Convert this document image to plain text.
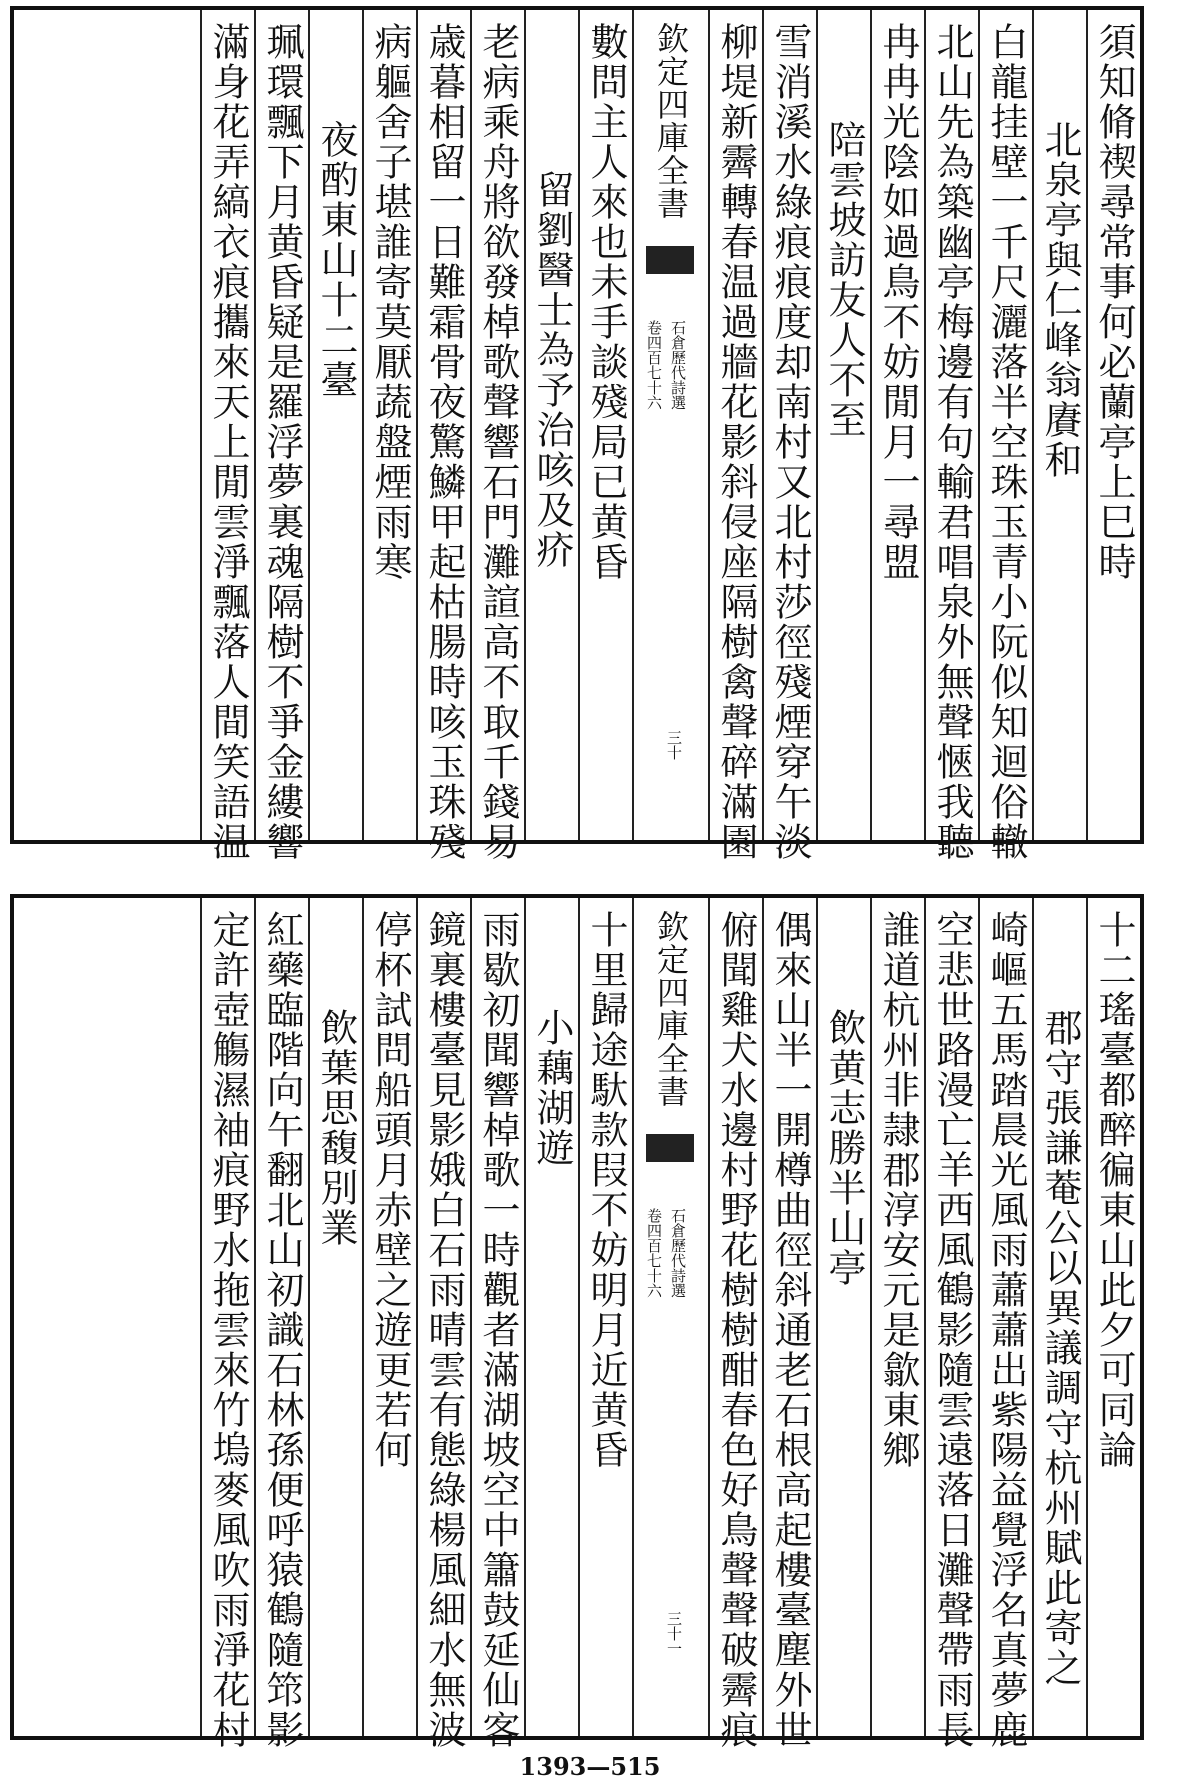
須知脩禊尋常事何必蘭亭上巳時
北泉亭與仁峰翁賡和
白龍挂壁一千尺灑落半空珠玉青小阮似知迴俗轍
北山先為築幽亭梅邊有句輸君唱泉外無聲愜我聽
冉冉光陰如過鳥不妨閒月一尋盟
陪雲坡訪友人不至
雪消溪水綠痕痕度却南村又北村莎徑殘煙穿午淡
柳堤新霽轉春温過牆花影斜侵座隔樹禽聲碎滿園
欽定四庫全書
石倉歷代詩選
卷四百七十六
三十
數問主人來也未手談殘局已黄昏
留劉醫士為予治咳及疥
老病乘舟將欲發棹歌聲響石門灘諠高不取千錢易
歳暮相留一日難霜骨夜驚鱗甲起枯腸時咳玉珠殘
病軀舍子堪誰寄莫厭蔬盤煙雨寒
夜酌東山十二臺
珮環飄下月黄昏疑是羅浮夢裏魂隔樹不爭金縷響
滿身花弄縞衣痕攜來天上閒雲淨飄落人間笑語温
十二瑤臺都醉徧東山此夕可同論
郡守張謙菴公以異議調守杭州賦此寄之
崎嶇五馬踏晨光風雨蕭蕭出紫陽益覺浮名真夢鹿
空悲世路漫亡羊西風鶴影隨雲遠落日灘聲帶雨長
誰道杭州非隷郡淳安元是歙東鄉
飲黄志勝半山亭
偶來山半一開樽曲徑斜通老石根高起樓臺塵外世
俯聞雞犬水邊村野花樹樹酣春色好鳥聲聲破霽痕
欽定四庫全書
石倉歷代詩選
卷四百七十六
三十一
十里歸途馱款叚不妨明月近黄昏
小藕湖遊
雨歇初聞響棹歌一時觀者滿湖坡空中簫鼓延仙客
鏡裏樓臺見影娥白石雨晴雲有態綠楊風細水無波
停杯試問船頭月赤壁之遊更若何
飲葉思馥別業
紅藥臨階向午翻北山初識石林孫便呼猿鶴隨筇影
定許壺觴濕袖痕野水拖雲來竹塢麥風吹雨淨花村
1393—515
